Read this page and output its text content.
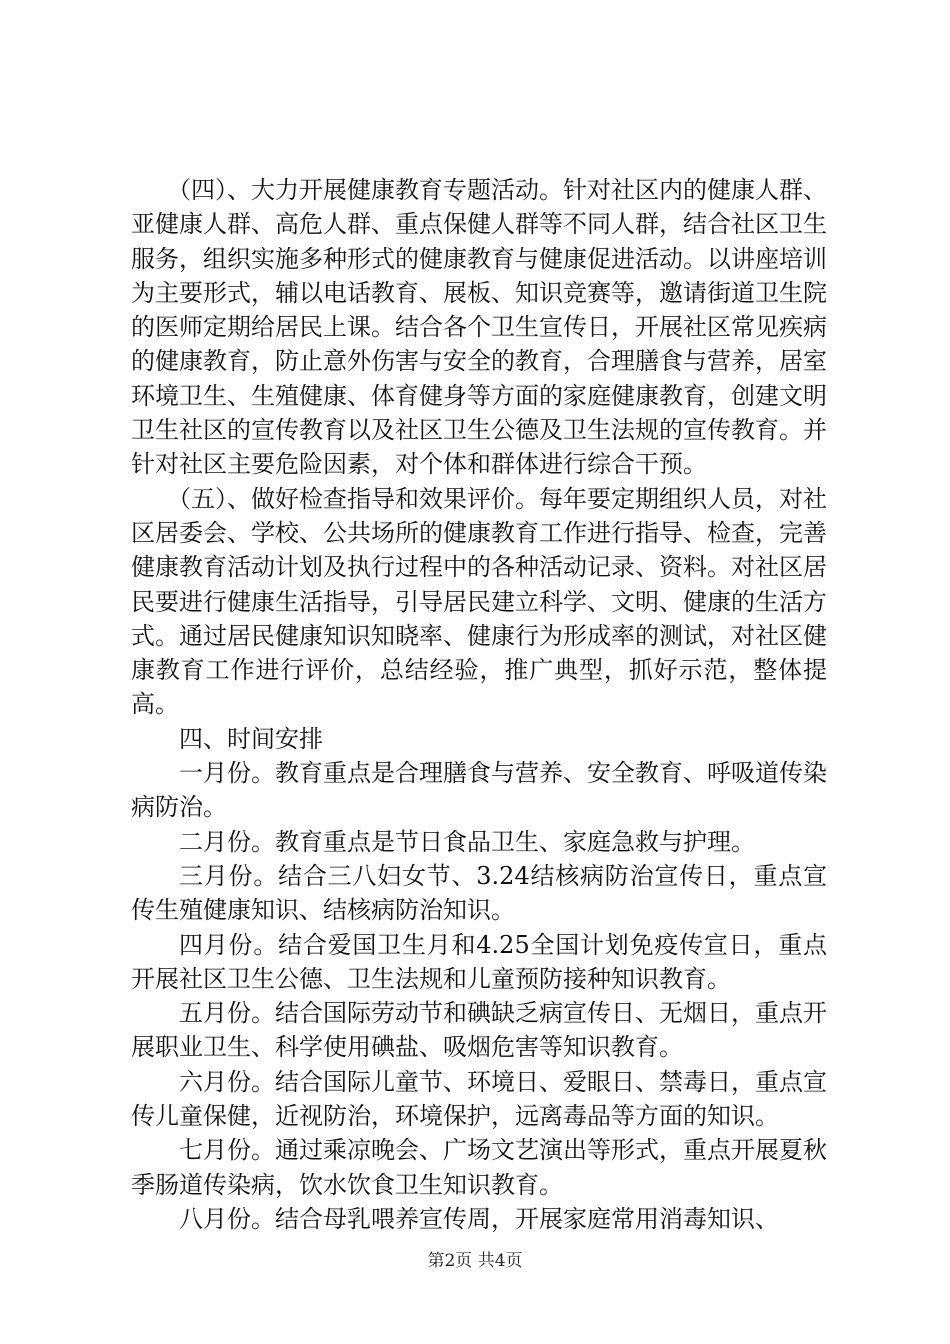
（四）、大力开展健康教育专题活动。针对社区内的健康人群、亚健康人群、高危人群、重点保健人群等不同人群，结合社区卫生服务，组织实施多种形式的健康教育与健康促进活动。以讲座培训为主要形式，辅以电话教育、展板、知识竞赛等，邀请街道卫生院的医师定期给居民上课。结合各个卫生宣传日，开展社区常见疾病的健康教育，防止意外伤害与安全的教育，合理膳食与营养，居室环境卫生、生殖健康、体育健身等方面的家庭健康教育，创建文明卫生社区的宣传教育以及社区卫生公德及卫生法规的宣传教育。并针对社区主要危险因素，对个体和群体进行综合干预。

（五）、做好检查指导和效果评价。每年要定期组织人员，对社区居委会、学校、公共场所的健康教育工作进行指导、检查，完善健康教育活动计划及执行过程中的各种活动记录、资料。对社区居民要进行健康生活指导，引导居民建立科学、文明、健康的生活方式。通过居民健康知识知晓率、健康行为形成率的测试，对社区健康教育工作进行评价，总结经验，推广典型，抓好示范，整体提高。

四、时间安排

一月份。教育重点是合理膳食与营养、安全教育、呼吸道传染病防治。

二月份。教育重点是节日食品卫生、家庭急救与护理。

三月份。结合三八妇女节、3.24结核病防治宣传日，重点宣传生殖健康知识、结核病防治知识。

四月份。结合爱国卫生月和4.25全国计划免疫传宣日，重点开展社区卫生公德、卫生法规和儿童预防接种知识教育。

五月份。结合国际劳动节和碘缺乏病宣传日、无烟日，重点开展职业卫生、科学使用碘盐、吸烟危害等知识教育。

六月份。结合国际儿童节、环境日、爱眼日、禁毒日，重点宣传儿童保健，近视防治，环境保护，远离毒品等方面的知识。

七月份。通过乘凉晚会、广场文艺演出等形式，重点开展夏秋季肠道传染病，饮水饮食卫生知识教育。

八月份。结合母乳喂养宣传周，开展家庭常用消毒知识、

第2页 共4页
